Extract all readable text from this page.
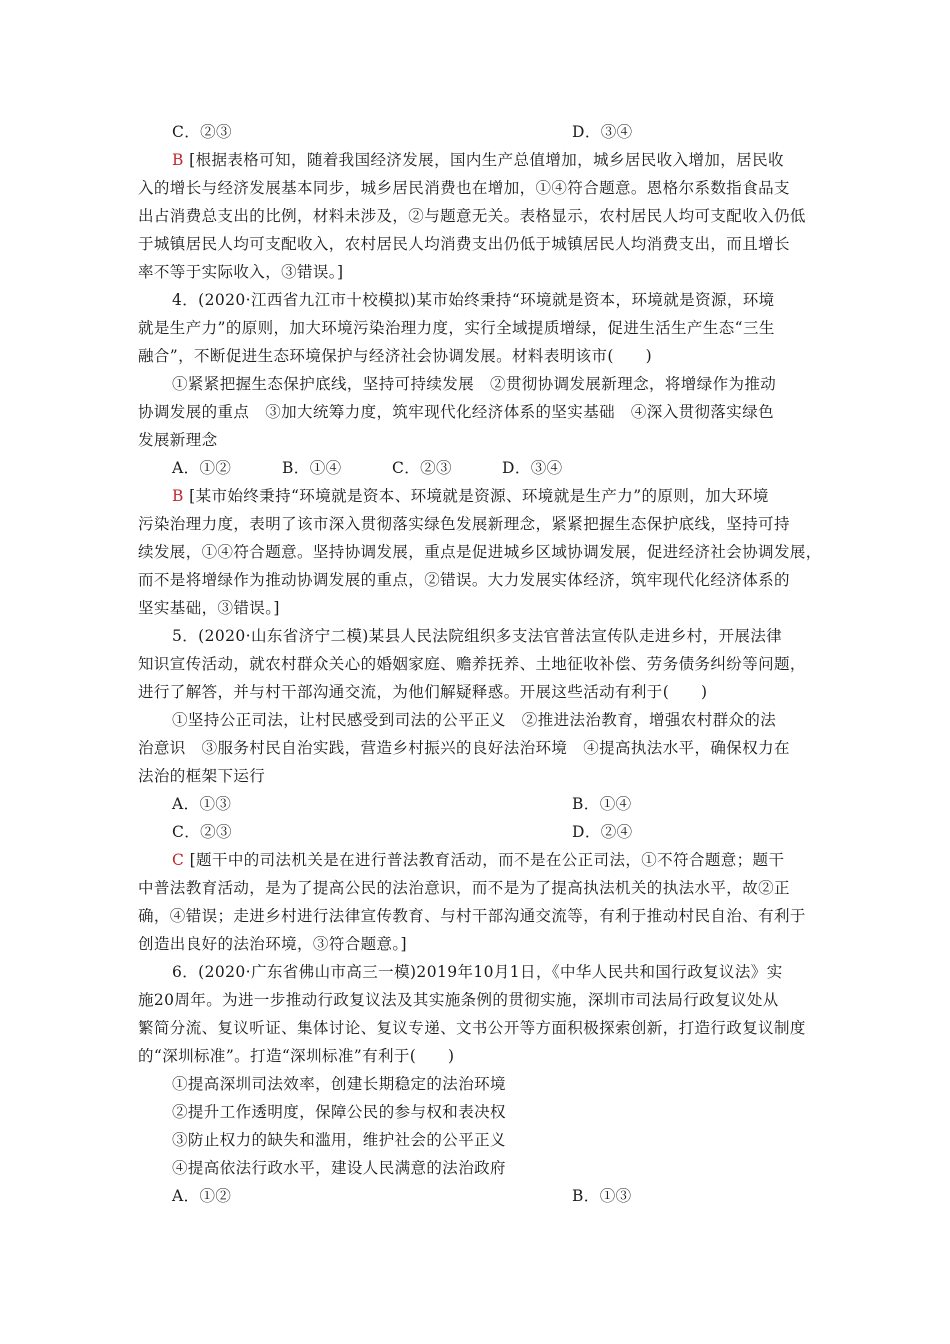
C．②③	D．③④
B [根据表格可知，随着我国经济发展，国内生产总值增加，城乡居民收入增加，居民收
入的增长与经济发展基本同步，城乡居民消费也在增加，①④符合题意。恩格尔系数指食品支
出占消费总支出的比例，材料未涉及，②与题意无关。表格显示，农村居民人均可支配收入仍低
于城镇居民人均可支配收入，农村居民人均消费支出仍低于城镇居民人均消费支出，而且增长
率不等于实际收入，③错误。]
4．(2020·江西省九江市十校模拟)某市始终秉持“环境就是资本，环境就是资源，环境
就是生产力”的原则，加大环境污染治理力度，实行全域提质增绿，促进生活生产生态“三生
融合”，不断促进生态环境保护与经济社会协调发展。材料表明该市(　　)
①紧紧把握生态保护底线，坚持可持续发展　②贯彻协调发展新理念，将增绿作为推动
协调发展的重点　③加大统筹力度，筑牢现代化经济体系的坚实基础　④深入贯彻落实绿色
发展新理念
A．①②	B．①④	C．②③	D．③④
B [某市始终秉持“环境就是资本、环境就是资源、环境就是生产力”的原则，加大环境
污染治理力度，表明了该市深入贯彻落实绿色发展新理念，紧紧把握生态保护底线，坚持可持
续发展，①④符合题意。坚持协调发展，重点是促进城乡区域协调发展，促进经济社会协调发展，
而不是将增绿作为推动协调发展的重点，②错误。大力发展实体经济，筑牢现代化经济体系的
坚实基础，③错误。]
5．(2020·山东省济宁二模)某县人民法院组织多支法官普法宣传队走进乡村，开展法律
知识宣传活动，就农村群众关心的婚姻家庭、赡养抚养、土地征收补偿、劳务债务纠纷等问题，
进行了解答，并与村干部沟通交流，为他们解疑释惑。开展这些活动有利于(　　)
①坚持公正司法，让村民感受到司法的公平正义　②推进法治教育，增强农村群众的法
治意识　③服务村民自治实践，营造乡村振兴的良好法治环境　④提高执法水平，确保权力在
法治的框架下运行
A．①③	B．①④
C．②③	D．②④
C [题干中的司法机关是在进行普法教育活动，而不是在公正司法，①不符合题意；题干
中普法教育活动，是为了提高公民的法治意识，而不是为了提高执法机关的执法水平，故②正
确，④错误；走进乡村进行法律宣传教育、与村干部沟通交流等，有利于推动村民自治、有利于
创造出良好的法治环境，③符合题意。]
6．(2020·广东省佛山市高三一模)2019年10月1日，《中华人民共和国行政复议法》实
施20周年。为进一步推动行政复议法及其实施条例的贯彻实施，深圳市司法局行政复议处从
繁简分流、复议听证、集体讨论、复议专递、文书公开等方面积极探索创新，打造行政复议制度
的“深圳标准”。打造“深圳标准”有利于(　　)
①提高深圳司法效率，创建长期稳定的法治环境
②提升工作透明度，保障公民的参与权和表决权
③防止权力的缺失和滥用，维护社会的公平正义
④提高依法行政水平，建设人民满意的法治政府
A．①②	B．①③
